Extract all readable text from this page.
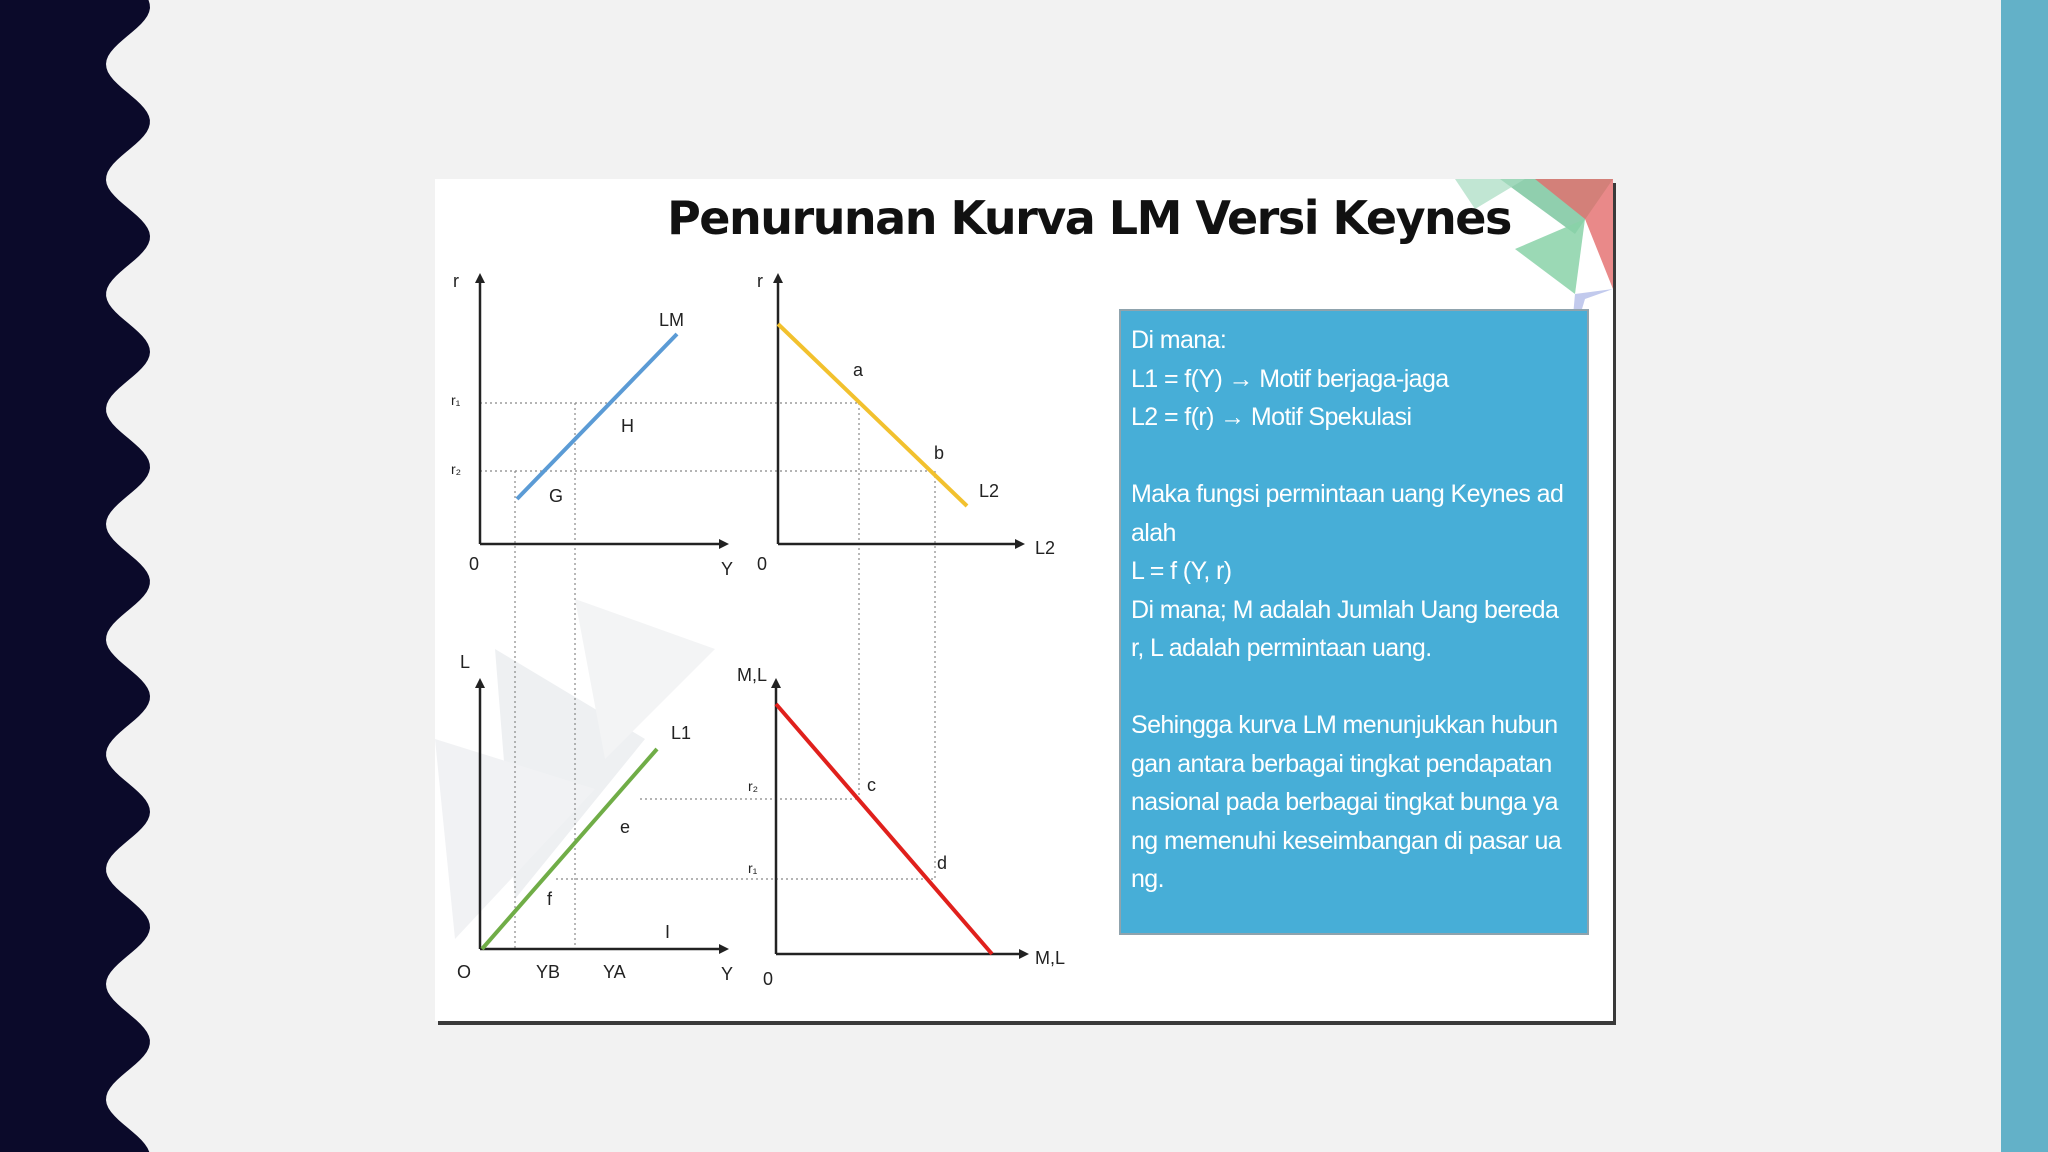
r
Y
0
LM
r₁
r₂
H
G
r
L2
0
L2
a
b
L
Y
O
L1
e
f
YB YA
I
M,L
M,L
0
r₂
r₁
c
d
Penurunan Kurva LM Versi Keynes
Di mana:
L1 = f(Y) → Motif berjaga-jaga
L2 = f(r) → Motif Spekulasi
Maka fungsi permintaan uang Keynes ad
alah
L = f (Y, r)
Di mana; M adalah Jumlah Uang bereda
r, L adalah permintaan uang.
Sehingga kurva LM menunjukkan hubun
gan antara berbagai tingkat pendapatan
nasional pada berbagai tingkat bunga ya
ng memenuhi keseimbangan di pasar ua
ng.
